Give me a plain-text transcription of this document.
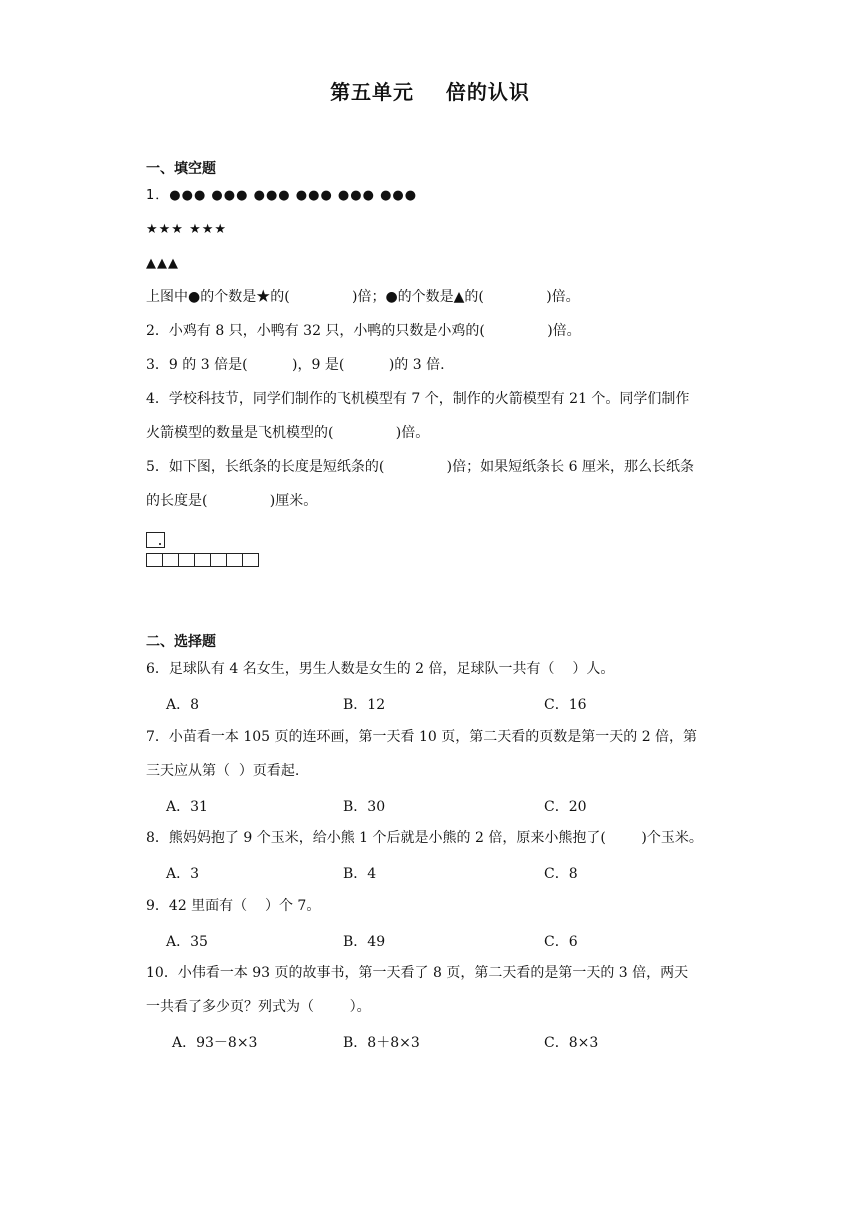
第五单元    倍的认识
一、填空题
1．●●● ●●● ●●● ●●● ●●● ●●●
★★★ ★★★
▲▲▲
上图中●的个数是★的(              )倍；●的个数是▲的(              )倍。
2．小鸡有 8 只，小鸭有 32 只，小鸭的只数是小鸡的(              )倍。
3．9 的 3 倍是(          )，9 是(          )的 3 倍.
4．学校科技节，同学们制作的飞机模型有 7 个，制作的火箭模型有 21 个。同学们制作
火箭模型的数量是飞机模型的(              )倍。
5．如下图，长纸条的长度是短纸条的(              )倍；如果短纸条长 6 厘米，那么长纸条
的长度是(              )厘米。
二、选择题
6．足球队有 4 名女生，男生人数是女生的 2 倍，足球队一共有（    ）人。
A．8	B．12	C．16
7．小苗看一本 105 页的连环画，第一天看 10 页，第二天看的页数是第一天的 2 倍，第
三天应从第（  ）页看起.
A．31	B．30	C．20
8．熊妈妈抱了 9 个玉米，给小熊 1 个后就是小熊的 2 倍，原来小熊抱了(        )个玉米。
A．3	B．4	C．8
9．42 里面有（    ）个 7。
A．35	B．49	C．6
10．小伟看一本 93 页的故事书，第一天看了 8 页，第二天看的是第一天的 3 倍，两天
一共看了多少页？列式为（        ）。
A．93－8×3	B．8＋8×3	C．8×3
